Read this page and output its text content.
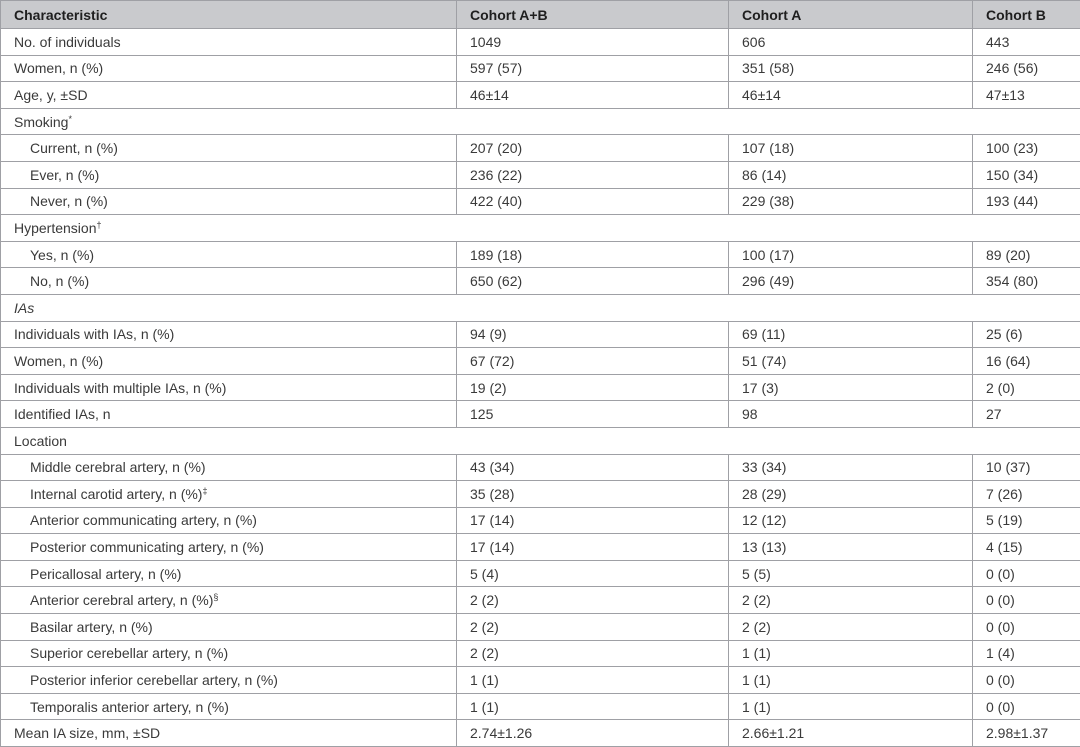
Characteristic	Cohort A+B	Cohort A	Cohort B
No. of individuals	1049	606	443
Women, n (%)	597 (57)	351 (58)	246 (56)
Age, y, ±SD	46±14	46±14	47±13
Smoking*
Current, n (%)	207 (20)	107 (18)	100 (23)
Ever, n (%)	236 (22)	86 (14)	150 (34)
Never, n (%)	422 (40)	229 (38)	193 (44)
Hypertension†
Yes, n (%)	189 (18)	100 (17)	89 (20)
No, n (%)	650 (62)	296 (49)	354 (80)
IAs			
Individuals with IAs, n (%)	94 (9)	69 (11)	25 (6)
Women, n (%)	67 (72)	51 (74)	16 (64)
Individuals with multiple IAs, n (%)	19 (2)	17 (3)	2 (0)
Identified IAs, n	125	98	27
Location			
Middle cerebral artery, n (%)	43 (34)	33 (34)	10 (37)
Internal carotid artery, n (%)‡	35 (28)	28 (29)	7 (26)
Anterior communicating artery, n (%)	17 (14)	12 (12)	5 (19)
Posterior communicating artery, n (%)	17 (14)	13 (13)	4 (15)
Pericallosal artery, n (%)	5 (4)	5 (5)	0 (0)
Anterior cerebral artery, n (%)§	2 (2)	2 (2)	0 (0)
Basilar artery, n (%)	2 (2)	2 (2)	0 (0)
Superior cerebellar artery, n (%)	2 (2)	1 (1)	1 (4)
Posterior inferior cerebellar artery, n (%)	1 (1)	1 (1)	0 (0)
Temporalis anterior artery, n (%)	1 (1)	1 (1)	0 (0)
Mean IA size, mm, ±SD	2.74±1.26	2.66±1.21	2.98±1.37
